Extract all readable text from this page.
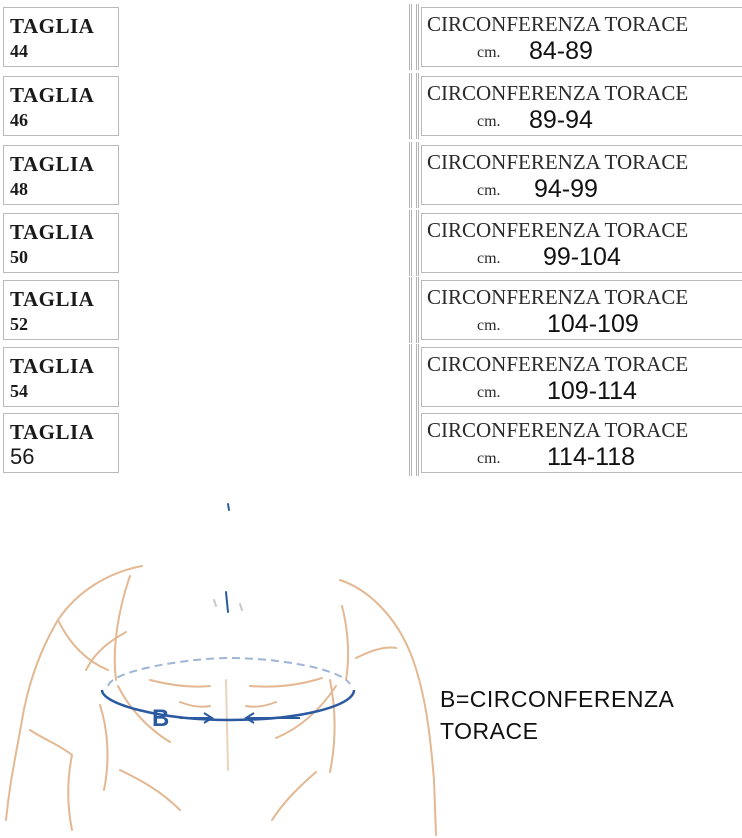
TAGLIA
44
CIRCONFERENZA TORACE
cm. 84-89
TAGLIA
46
CIRCONFERENZA TORACE
cm. 89-94
TAGLIA
48
CIRCONFERENZA TORACE
cm. 94-99
TAGLIA
50
CIRCONFERENZA TORACE
cm. 99-104
TAGLIA
52
CIRCONFERENZA TORACE
cm. 104-109
TAGLIA
54
CIRCONFERENZA TORACE
cm. 109-114
TAGLIA
56
CIRCONFERENZA TORACE
cm. 114-118
B
B=CIRCONFERENZA
TORACE
